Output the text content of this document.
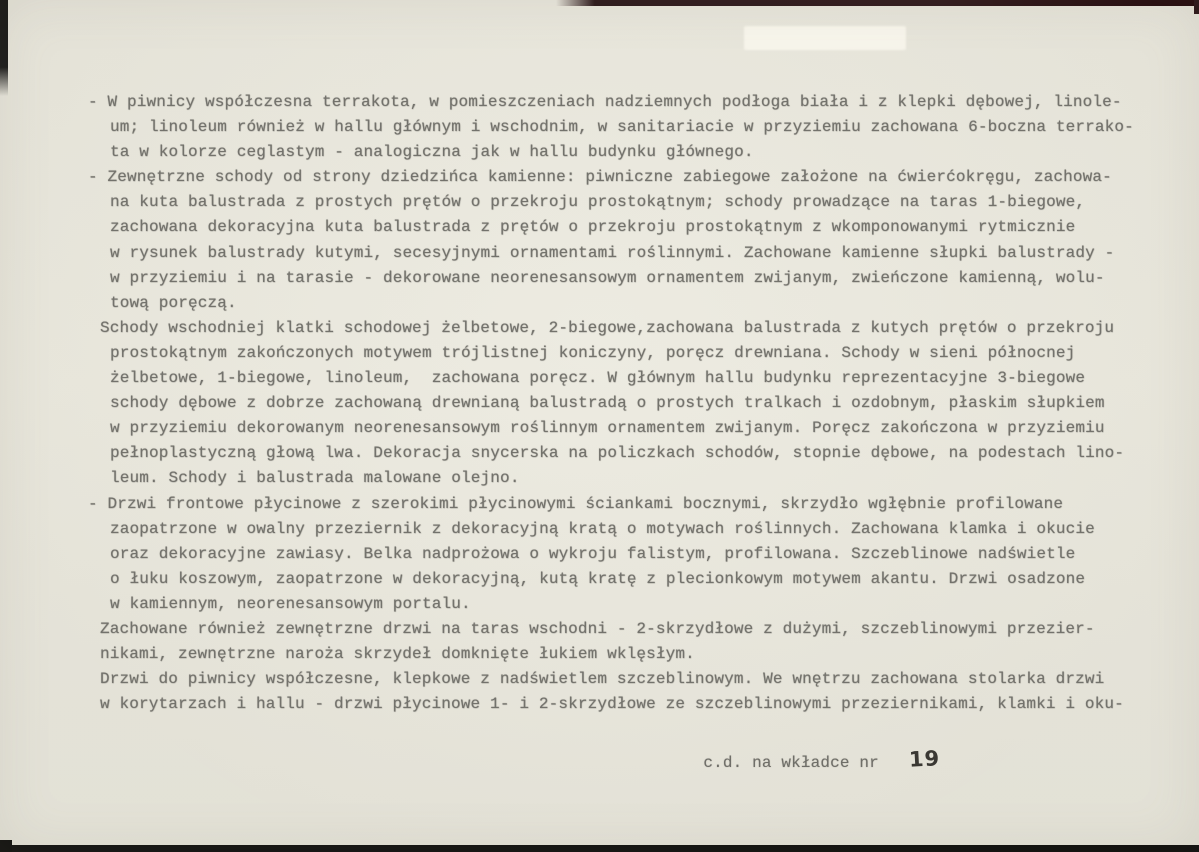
- W piwnicy współczesna terrakota, w pomieszczeniach nadziemnych podłoga biała i z klepki dębowej, linole-
um; linoleum również w hallu głównym i wschodnim, w sanitariacie w przyziemiu zachowana 6-boczna terrako-
ta w kolorze ceglastym - analogiczna jak w hallu budynku głównego.
- Zewnętrzne schody od strony dziedzińca kamienne: piwniczne zabiegowe założone na ćwierćokręgu, zachowa-
na kuta balustrada z prostych prętów o przekroju prostokątnym; schody prowadzące na taras 1-biegowe,
zachowana dekoracyjna kuta balustrada z prętów o przekroju prostokątnym z wkomponowanymi rytmicznie
w rysunek balustrady kutymi, secesyjnymi ornamentami roślinnymi. Zachowane kamienne słupki balustrady -
w przyziemiu i na tarasie - dekorowane neorenesansowym ornamentem zwijanym, zwieńczone kamienną, wolu-
tową poręczą.
Schody wschodniej klatki schodowej żelbetowe, 2-biegowe,zachowana balustrada z kutych prętów o przekroju
prostokątnym zakończonych motywem trójlistnej koniczyny, poręcz drewniana. Schody w sieni północnej
żelbetowe, 1-biegowe, linoleum,  zachowana poręcz. W głównym hallu budynku reprezentacyjne 3-biegowe
schody dębowe z dobrze zachowaną drewnianą balustradą o prostych tralkach i ozdobnym, płaskim słupkiem
w przyziemiu dekorowanym neorenesansowym roślinnym ornamentem zwijanym. Poręcz zakończona w przyziemiu
pełnoplastyczną głową lwa. Dekoracja snycerska na policzkach schodów, stopnie dębowe, na podestach lino-
leum. Schody i balustrada malowane olejno.
- Drzwi frontowe płycinowe z szerokimi płycinowymi ściankami bocznymi, skrzydło wgłębnie profilowane
zaopatrzone w owalny przeziernik z dekoracyjną kratą o motywach roślinnych. Zachowana klamka i okucie
oraz dekoracyjne zawiasy. Belka nadprożowa o wykroju falistym, profilowana. Szczeblinowe nadświetle
o łuku koszowym, zaopatrzone w dekoracyjną, kutą kratę z plecionkowym motywem akantu. Drzwi osadzone
w kamiennym, neorenesansowym portalu.
Zachowane również zewnętrzne drzwi na taras wschodni - 2-skrzydłowe z dużymi, szczeblinowymi przezier-
nikami, zewnętrzne naroża skrzydeł domknięte łukiem wklęsłym.
Drzwi do piwnicy współczesne, klepkowe z nadświetlem szczeblinowym. We wnętrzu zachowana stolarka drzwi
w korytarzach i hallu - drzwi płycinowe 1- i 2-skrzydłowe ze szczeblinowymi przeziernikami, klamki i oku-

c.d. na wkładce nr 19
